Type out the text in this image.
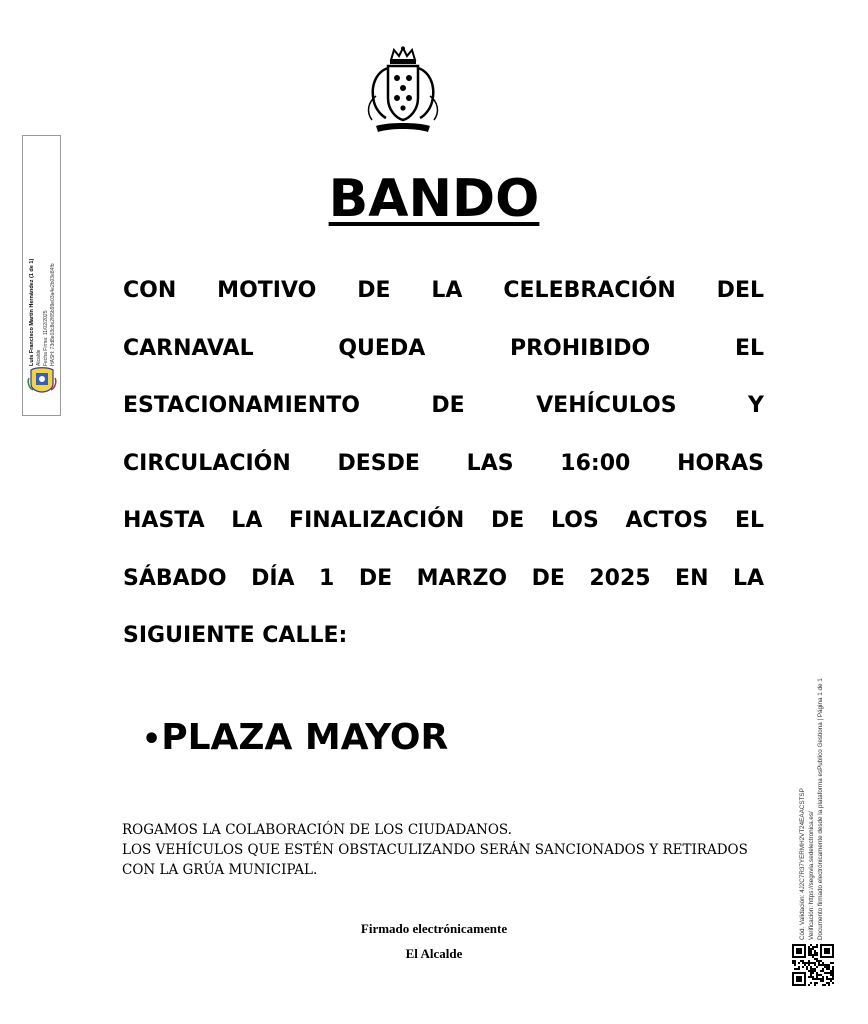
BANDO
CON MOTIVO DE LA CELEBRACIÓN DEL
CARNAVAL QUEDA PROHIBIDO EL
ESTACIONAMIENTO DE VEHÍCULOS Y
CIRCULACIÓN DESDE LAS 16:00 HORAS
HASTA LA FINALIZACIÓN DE LOS ACTOS EL
SÁBADO DÍA 1 DE MARZO DE 2025 EN LA
SIGUIENTE CALLE:

•PLAZA MAYOR

ROGAMOS LA COLABORACIÓN DE LOS CIUDADANOS.
LOS VEHÍCULOS QUE ESTÉN OBSTACULIZANDO SERÁN SANCIONADOS Y RETIRADOS
CON LA GRÚA MUNICIPAL.

Firmado electrónicamente

El Alcalde

Luis Francisco Martín Hernández (1 de 1) Alcalde Fecha Firma: 11/02/2025 HASH: 73d8e03c8e2f65b99e03a4e2b03e84fb
Cód. Validación: 4J2C7R37YERMH2VT24EAACSTSP Verificación: https://segovia.sedelectronica.es/ Documento firmado electrónicamente desde la plataforma esPublico Gestiona | Página 1 de 1
